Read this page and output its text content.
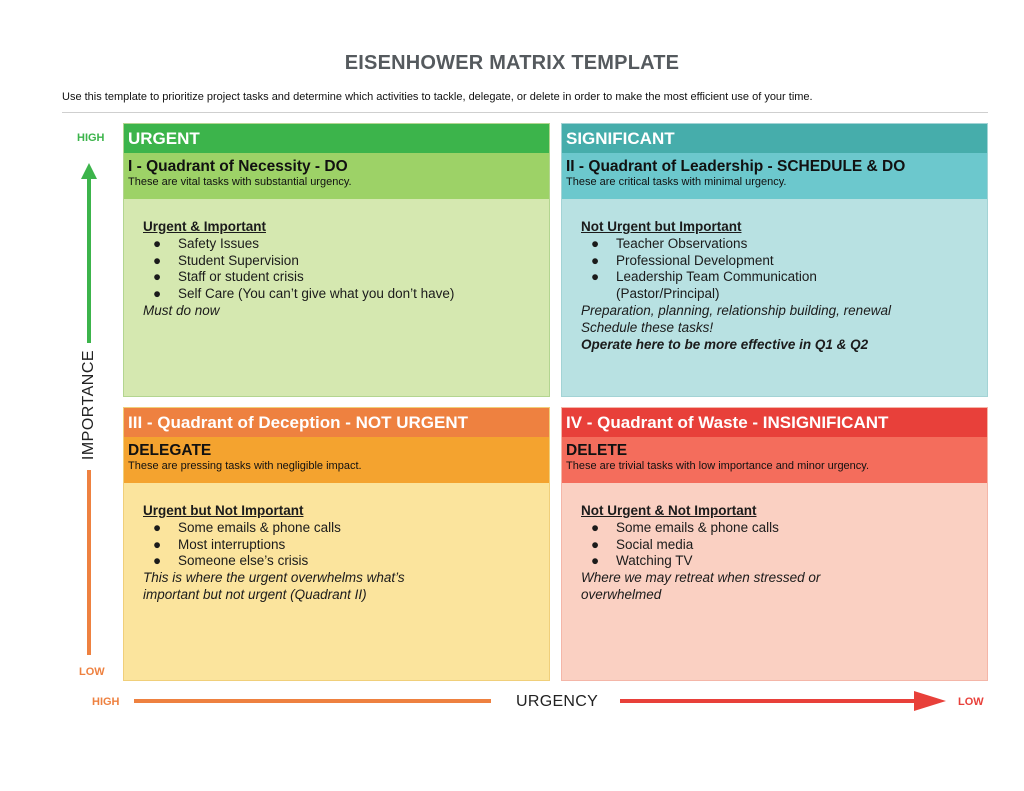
EISENHOWER MATRIX TEMPLATE
Use this template to prioritize project tasks and determine which activities to tackle, delegate, or delete in order to make the most efficient use of your time.
HIGH
IMPORTANCE
LOW
URGENT
I - Quadrant of Necessity - DO
These are vital tasks with substantial urgency.
Urgent & Important
● Safety Issues
● Student Supervision
● Staff or student crisis
● Self Care (You can’t give what you don’t have)
Must do now
SIGNIFICANT
II - Quadrant of Leadership - SCHEDULE & DO
These are critical tasks with minimal urgency.
Not Urgent but Important
● Teacher Observations
● Professional Development
● Leadership Team Communication
(Pastor/Principal)
Preparation, planning, relationship building, renewal
Schedule these tasks!
Operate here to be more effective in Q1 & Q2
III - Quadrant of Deception - NOT URGENT
DELEGATE
These are pressing tasks with negligible impact.
Urgent but Not Important
● Some emails & phone calls
● Most interruptions
● Someone else’s crisis
This is where the urgent overwhelms what’s
important but not urgent (Quadrant II)
IV - Quadrant of Waste - INSIGNIFICANT
DELETE
These are trivial tasks with low importance and minor urgency.
Not Urgent & Not Important
● Some emails & phone calls
● Social media
● Watching TV
Where we may retreat when stressed or
overwhelmed
HIGH	URGENCY	LOW
